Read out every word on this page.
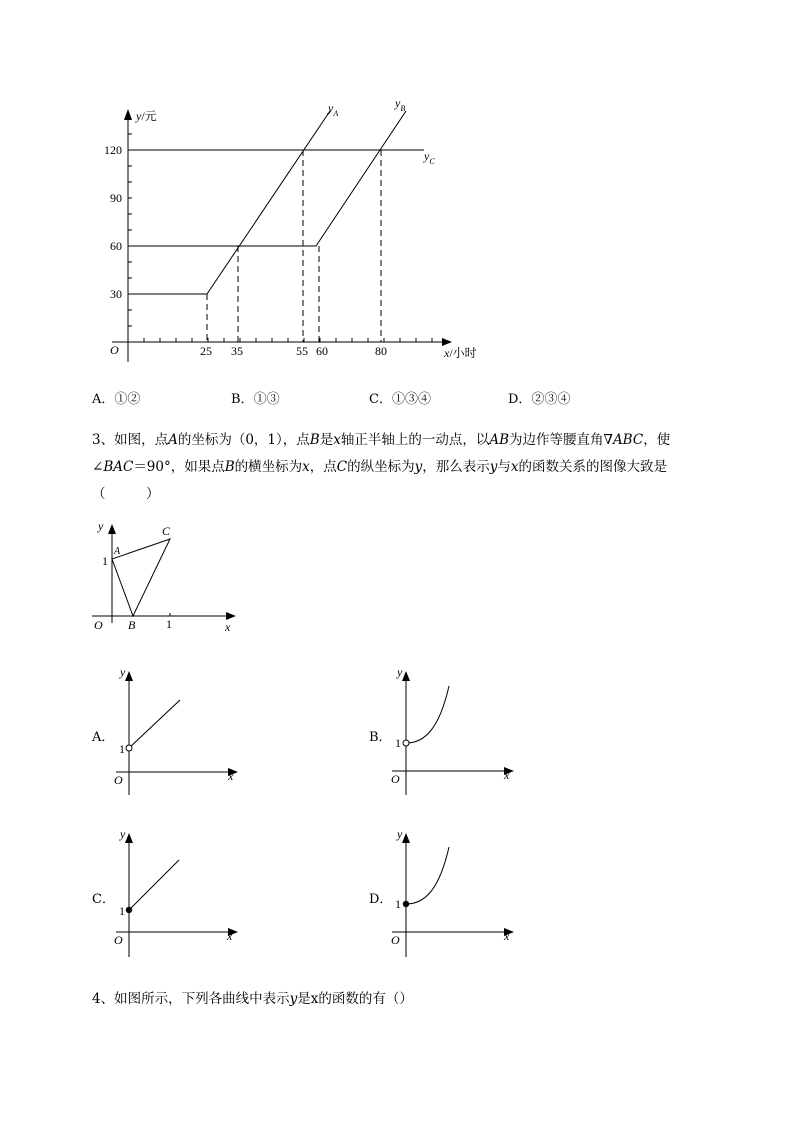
y/元
x/小时
O
120
90
60
30
25 35	55 60	80
$y_A$
$y_B$
$y_C$
A．①②	B．①③	C．①③④	D．②③④
3、如图，点A的坐标为（0，1），点B是x轴正半轴上的一动点，以AB为边作等腰直角∇ABC，使
∠BAC＝90°，如果点B的横坐标为x，点C的纵坐标为y，那么表示y与x的函数关系的图像大致是
（　　　）
y
x
O
A
B
C
1
1
A．
y
x
O
1
B．
y
x
O
1
C．
y
x
O
1
D．
y
x
O
1
4、如图所示，下列各曲线中表示y是x的函数的有（）
